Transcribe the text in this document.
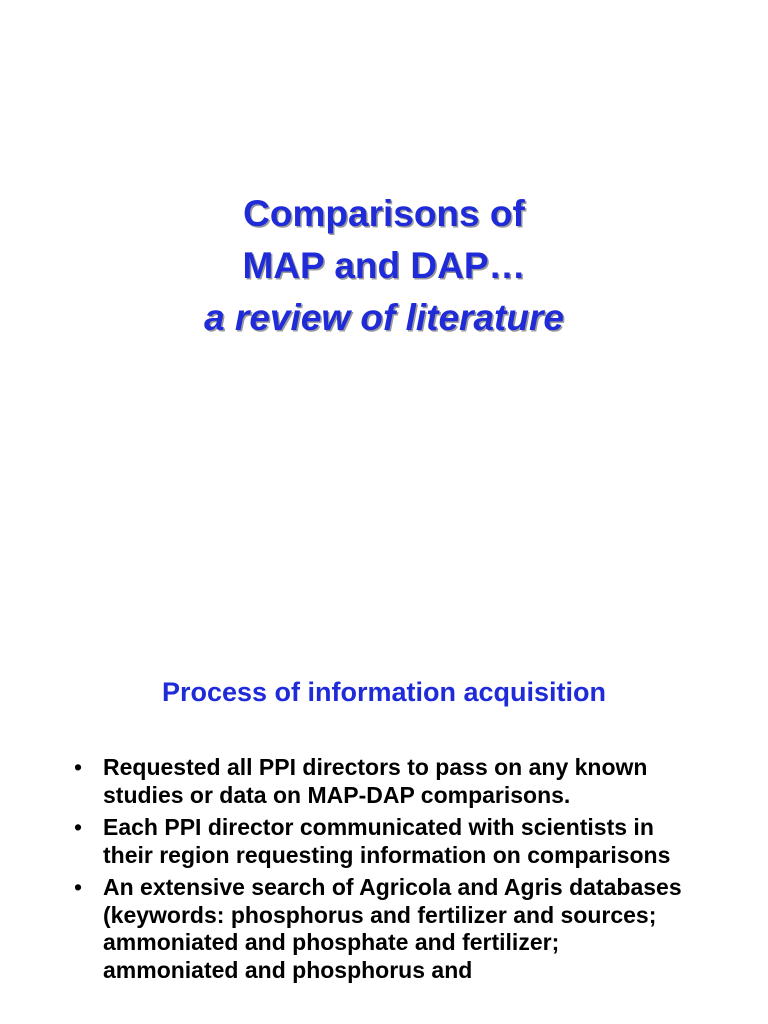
Comparisons of
MAP and DAP…
a review of literature
Process of information acquisition
• Requested all PPI directors to pass on any known studies or data on MAP-DAP comparisons.
• Each PPI director communicated with scientists in their region requesting information on comparisons
• An extensive search of Agricola and Agris databases (keywords: phosphorus and fertilizer and sources; ammoniated and phosphate and fertilizer; ammoniated and phosphorus and
